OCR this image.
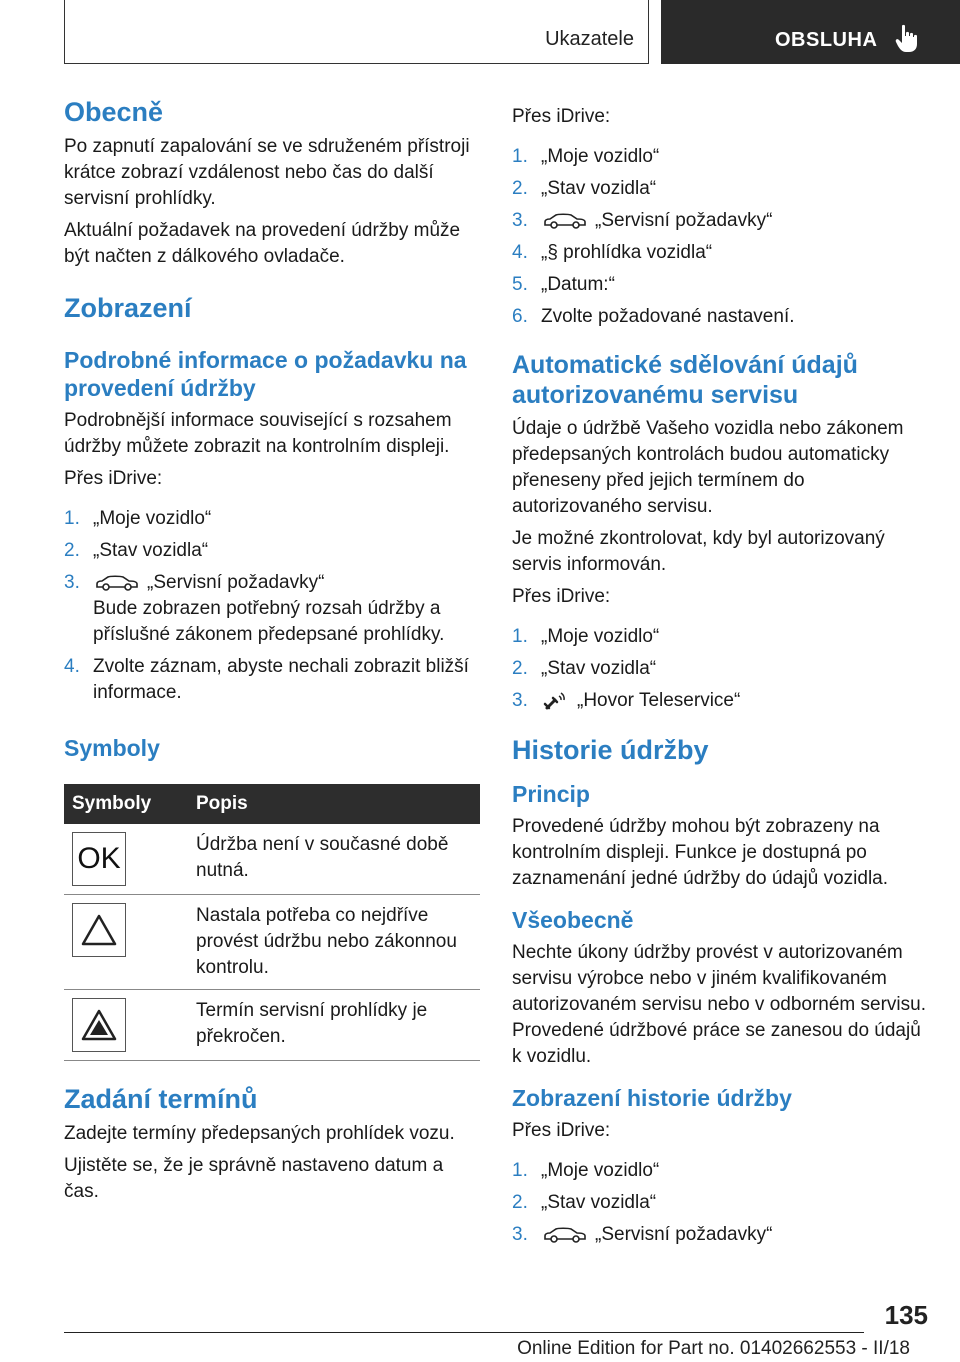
Ukazatele	OBSLUHA
Obecně

Po zapnutí zapalování se ve sdruženém přístroji krátce zobrazí vzdálenost nebo čas do další servisní prohlídky.

Aktuální požadavek na provedení údržby může být načten z dálkového ovladače.

Zobrazení
Podrobné informace o požadavku na provedení údržby

Podrobnější informace související s rozsahem údržby můžete zobrazit na kontrolním displeji.

Přes iDrive:

1. „Moje vozidlo“
2. „Stav vozidla“
3.	„Servisní požadavky“
Bude zobrazen potřebný rozsah údržby a příslušné zákonem předepsané prohlídky.
4. Zvolte záznam, abyste nechali zobrazit bližší informace.
Symboly
Symboly	Popis

OK	Údržba není v současné době nutná.

	Nastala potřeba co nejdříve provést údržbu nebo zákonnou kontrolu.

	Termín servisní prohlídky je překročen.
Zadání termínů

Zadejte termíny předepsaných prohlídek vozu.

Ujistěte se, že je správně nastaveno datum a čas.

Přes iDrive:

1. „Moje vozidlo“
2. „Stav vozidla“
3.	„Servisní požadavky“
4. „§ prohlídka vozidla“
5. „Datum:“
6. Zvolte požadované nastavení.
Automatické sdělování údajů autorizovanému servisu

Údaje o údržbě Vašeho vozidla nebo zákonem předepsaných kontrolách budou automaticky přeneseny před jejich termínem do autorizovaného servisu.

Je možné zkontrolovat, kdy byl autorizovaný servis informován.

Přes iDrive:

1. „Moje vozidlo“
2. „Stav vozidla“
3.	„Hovor Teleservice“
Historie údržby
Princip

Provedené údržby mohou být zobrazeny na kontrolním displeji. Funkce je dostupná po zaznamenání jedné údržby do údajů vozidla.

Všeobecně

Nechte úkony údržby provést v autorizovaném servisu výrobce nebo v jiném kvalifikovaném autorizovaném servisu nebo v odborném servisu.

Provedené údržbové práce se zanesou do údajů k vozidlu.

Zobrazení historie údržby

Přes iDrive:

1. „Moje vozidlo“
2. „Stav vozidla“
3.	„Servisní požadavky“
135
Online Edition for Part no. 01402662553 - II/18
